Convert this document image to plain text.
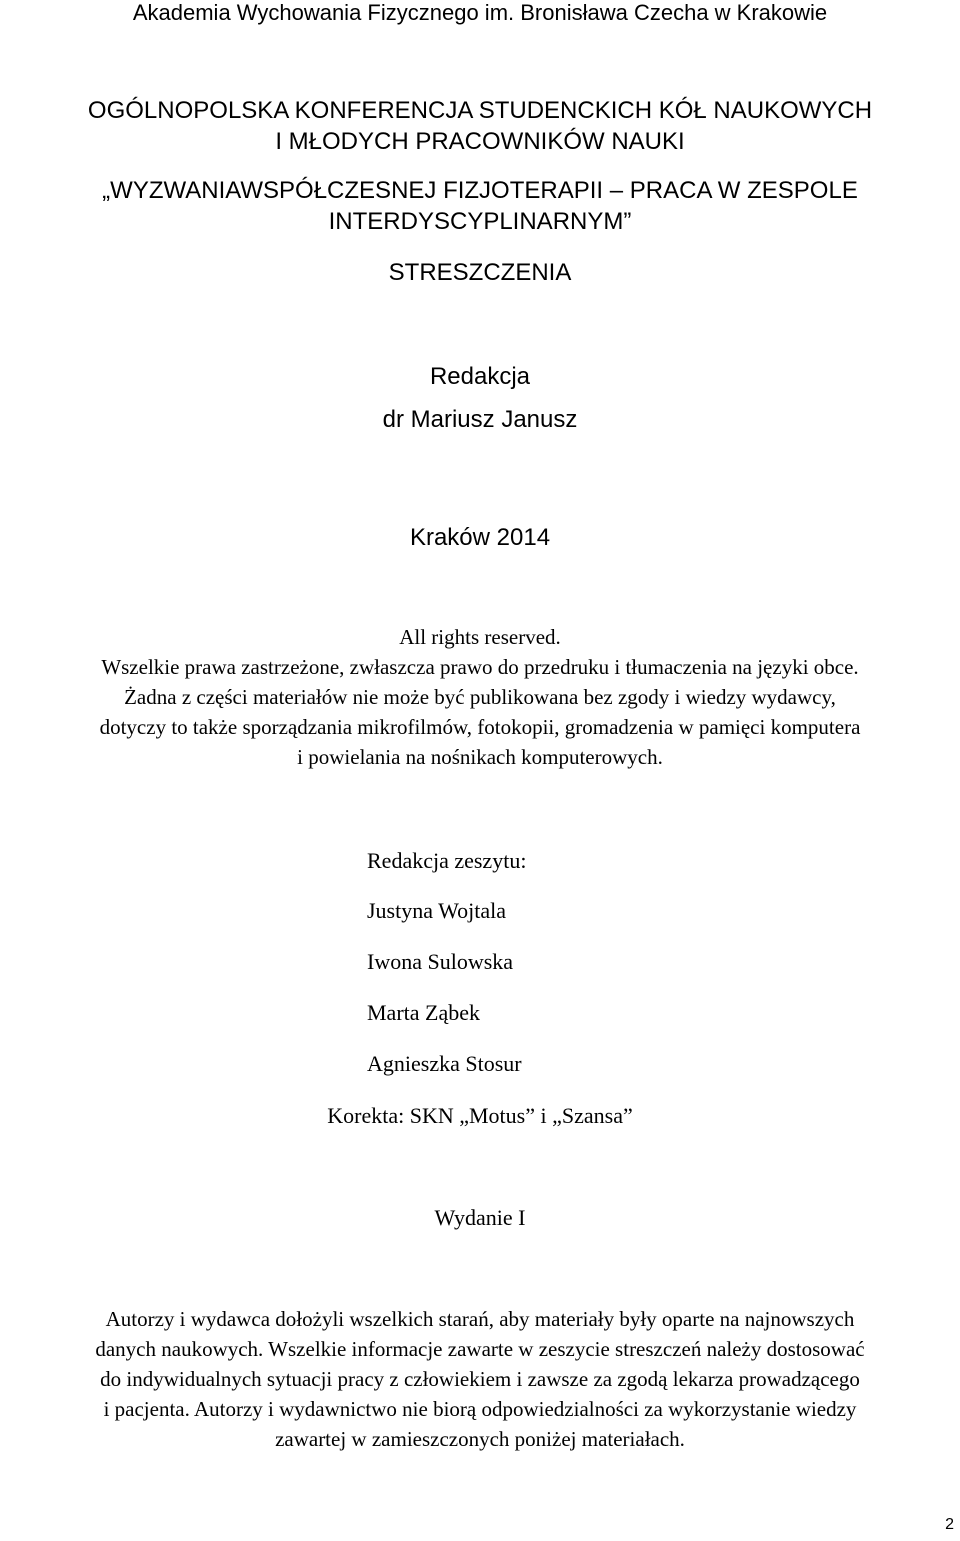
Akademia Wychowania Fizycznego im. Bronisława Czecha w Krakowie

OGÓLNOPOLSKA KONFERENCJA STUDENCKICH KÓŁ NAUKOWYCH

I MŁODYCH PRACOWNIKÓW NAUKI

„WYZWANIAWSPÓŁCZESNEJ FIZJOTERAPII – PRACA W ZESPOLE

INTERDYSCYPLINARNYM”

STRESZCZENIA

Redakcja

dr Mariusz Janusz

Kraków 2014

All rights reserved.

Wszelkie prawa zastrzeżone, zwłaszcza prawo do przedruku i tłumaczenia na języki obce.

Żadna z części materiałów nie może być publikowana bez zgody i wiedzy wydawcy,

dotyczy to także sporządzania mikrofilmów, fotokopii, gromadzenia w pamięci komputera

i powielania na nośnikach komputerowych.

Redakcja zeszytu:

Justyna Wojtala

Iwona Sulowska

Marta Ząbek

Agnieszka Stosur

Korekta: SKN „Motus” i „Szansa”

Wydanie I

Autorzy i wydawca dołożyli wszelkich starań, aby materiały były oparte na najnowszych

danych naukowych. Wszelkie informacje zawarte w zeszycie streszczeń należy dostosować

do indywidualnych sytuacji pracy z człowiekiem i zawsze za zgodą lekarza prowadzącego

i pacjenta. Autorzy i wydawnictwo nie biorą odpowiedzialności za wykorzystanie wiedzy

zawartej w zamieszczonych poniżej materiałach.

2
